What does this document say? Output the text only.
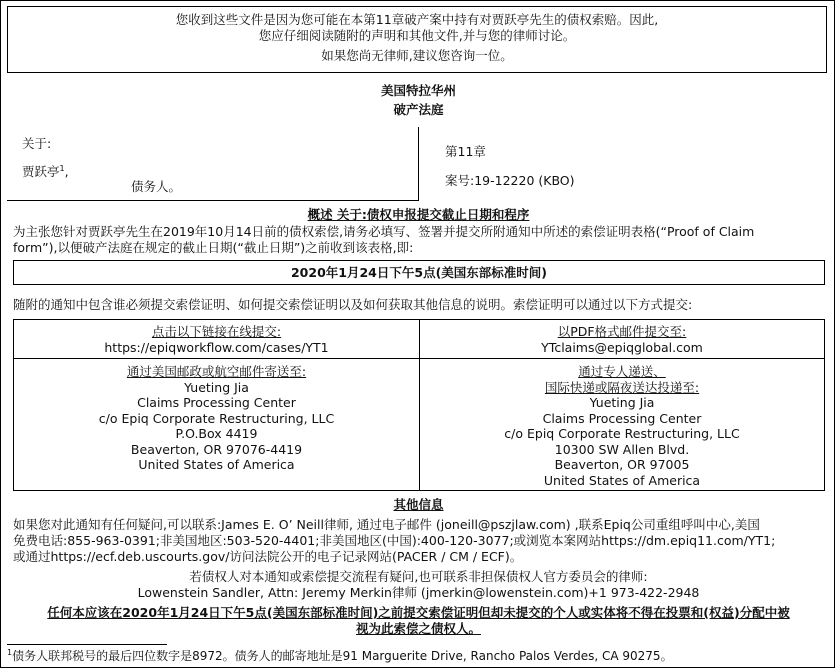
您收到这些文件是因为您可能在本第11章破产案中持有对贾跃亭先生的债权索赔。因此,
您应仔细阅读随附的声明和其他文件,并与您的律师讨论。
如果您尚无律师,建议您咨询一位。
美国特拉华州
破产法庭
关于:
贾跃亭$^1$,
债务人。
第11章
案号:19-12220 (KBO)
概述 关于:债权申报提交截止日期和程序
为主张您针对贾跃亭先生在2019年10月14日前的债权索偿,请务必填写、签署并提交所附通知中所述的索偿证明表格(“Proof of Claim
form”),以便破产法庭在规定的截止日期(“截止日期”)之前收到该表格,即:
2020年1月24日下午5点(美国东部标准时间)
随附的通知中包含谁必须提交索偿证明、如何提交索偿证明以及如何获取其他信息的说明。索偿证明可以通过以下方式提交:
点击以下链接在线提交:
https://epiqworkflow.com/cases/YT1
以PDF格式邮件提交至:
YTclaims@epiqglobal.com
通过美国邮政或航空邮件寄送至:
Yueting Jia
Claims Processing Center
c/o Epiq Corporate Restructuring, LLC
P.O.Box 4419
Beaverton, OR 97076-4419
United States of America
通过专人递送、
国际快递或隔夜送达投递至:
Yueting Jia
Claims Processing Center
c/o Epiq Corporate Restructuring, LLC
10300 SW Allen Blvd.
Beaverton, OR 97005
United States of America
其他信息
如果您对此通知有任何疑问,可以联系:James E. O’ Neill律师, 通过电子邮件 (joneill@pszjlaw.com) ,联系Epiq公司重组呼叫中心,美国
免费电话:855-963-0391;非美国地区:503-520-4401;非美国地区(中国):400-120-3077;或浏览本案网站https://dm.epiq11.com/YT1;
或通过https://ecf.deb.uscourts.gov/访问法院公开的电子记录网站(PACER / CM / ECF)。
若债权人对本通知或索偿提交流程有疑问,也可联系非担保债权人官方委员会的律师:
Lowenstein Sandler, Attn: Jeremy Merkin律师 (jmerkin@lowenstein.com)+1 973-422-2948
任何本应该在2020年1月24日下午5点(美国东部标准时间)之前提交索偿证明但却未提交的个人或实体将不得在投票和(权益)分配中被
视为此索偿之债权人。
$^1$债务人联邦税号的最后四位数字是8972。债务人的邮寄地址是91 Marguerite Drive, Rancho Palos Verdes, CA 90275。
